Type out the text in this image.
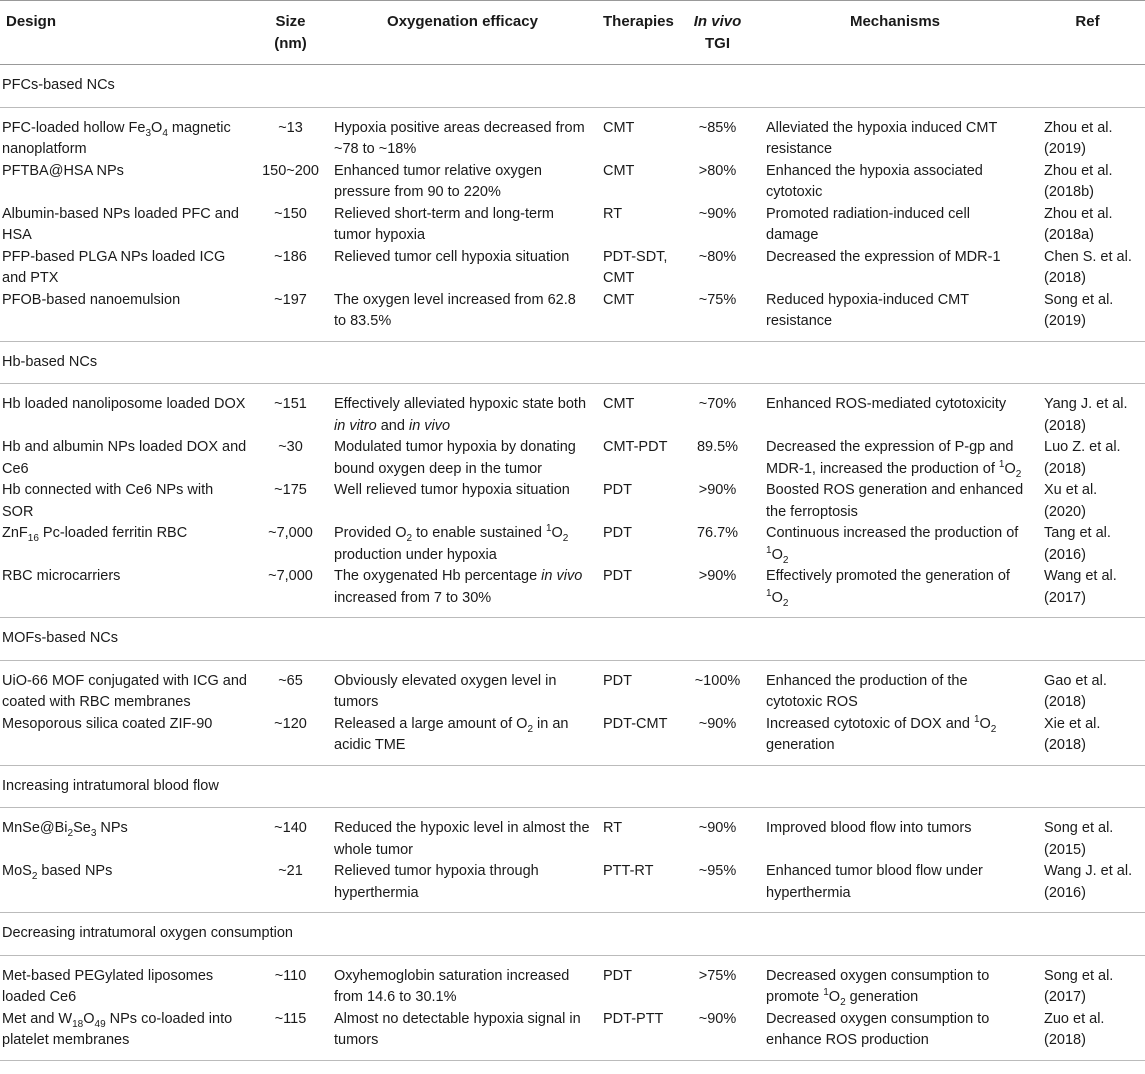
Design	Size (nm)	Oxygenation efficacy	Therapies	In vivo TGI	Mechanisms	Ref
PFCs-based NCs						
PFC-loaded hollow $Fe_3O_4$ magnetic nanoplatform	~13	Hypoxia positive areas decreased from ~78 to ~18%	CMT	~85%	Alleviated the hypoxia induced CMT resistance	Zhou et al. (2019)
PFTBA@HSA NPs	150~200	Enhanced tumor relative oxygen pressure from 90 to 220%	CMT	>80%	Enhanced the hypoxia associated cytotoxic	Zhou et al. (2018b)
Albumin-based NPs loaded PFC and HSA	~150	Relieved short-term and long-term tumor hypoxia	RT	~90%	Promoted radiation-induced cell damage	Zhou et al. (2018a)
PFP-based PLGA NPs loaded ICG and PTX	~186	Relieved tumor cell hypoxia situation	PDT-SDT, CMT	~80%	Decreased the expression of MDR-1	Chen S. et al. (2018)
PFOB-based nanoemulsion	~197	The oxygen level increased from 62.8 to 83.5%	CMT	~75%	Reduced hypoxia-induced CMT resistance	Song et al. (2019)
Hb-based NCs						
Hb loaded nanoliposome loaded DOX	~151	Effectively alleviated hypoxic state both in vitro and in vivo	CMT	~70%	Enhanced ROS-mediated cytotoxicity	Yang J. et al. (2018)
Hb and albumin NPs loaded DOX and Ce6	~30	Modulated tumor hypoxia by donating bound oxygen deep in the tumor	CMT-PDT	89.5%	Decreased the expression of P-gp and MDR-1, increased the production of $^1O_2$	Luo Z. et al. (2018)
Hb connected with Ce6 NPs with SOR	~175	Well relieved tumor hypoxia situation	PDT	>90%	Boosted ROS generation and enhanced the ferroptosis	Xu et al. (2020)
ZnF$_{16}$ Pc-loaded ferritin RBC	~7,000	Provided $O_2$ to enable sustained $^1O_2$ production under hypoxia	PDT	76.7%	Continuous increased the production of $^1O_2$	Tang et al. (2016)
RBC microcarriers	~7,000	The oxygenated Hb percentage in vivo increased from 7 to 30%	PDT	>90%	Effectively promoted the generation of $^1O_2$	Wang et al. (2017)
MOFs-based NCs						
UiO-66 MOF conjugated with ICG and coated with RBC membranes	~65	Obviously elevated oxygen level in tumors	PDT	~100%	Enhanced the production of the cytotoxic ROS	Gao et al. (2018)
Mesoporous silica coated ZIF-90	~120	Released a large amount of $O_2$ in an acidic TME	PDT-CMT	~90%	Increased cytotoxic of DOX and $^1O_2$ generation	Xie et al. (2018)
Increasing intratumoral blood flow						
$MnSe@Bi_2Se_3$ NPs	~140	Reduced the hypoxic level in almost the whole tumor	RT	~90%	Improved blood flow into tumors	Song et al. (2015)
MoS$_2$ based NPs	~21	Relieved tumor hypoxia through hyperthermia	PTT-RT	~95%	Enhanced tumor blood flow under hyperthermia	Wang J. et al. (2016)
Decreasing intratumoral oxygen consumption						
Met-based PEGylated liposomes loaded Ce6	~110	Oxyhemoglobin saturation increased from 14.6 to 30.1%	PDT	>75%	Decreased oxygen consumption to promote $^1O_2$ generation	Song et al. (2017)
Met and $W_{18}O_{49}$ NPs co-loaded into platelet membranes	~115	Almost no detectable hypoxia signal in tumors	PDT-PTT	~90%	Decreased oxygen consumption to enhance ROS production	Zuo et al. (2018)
